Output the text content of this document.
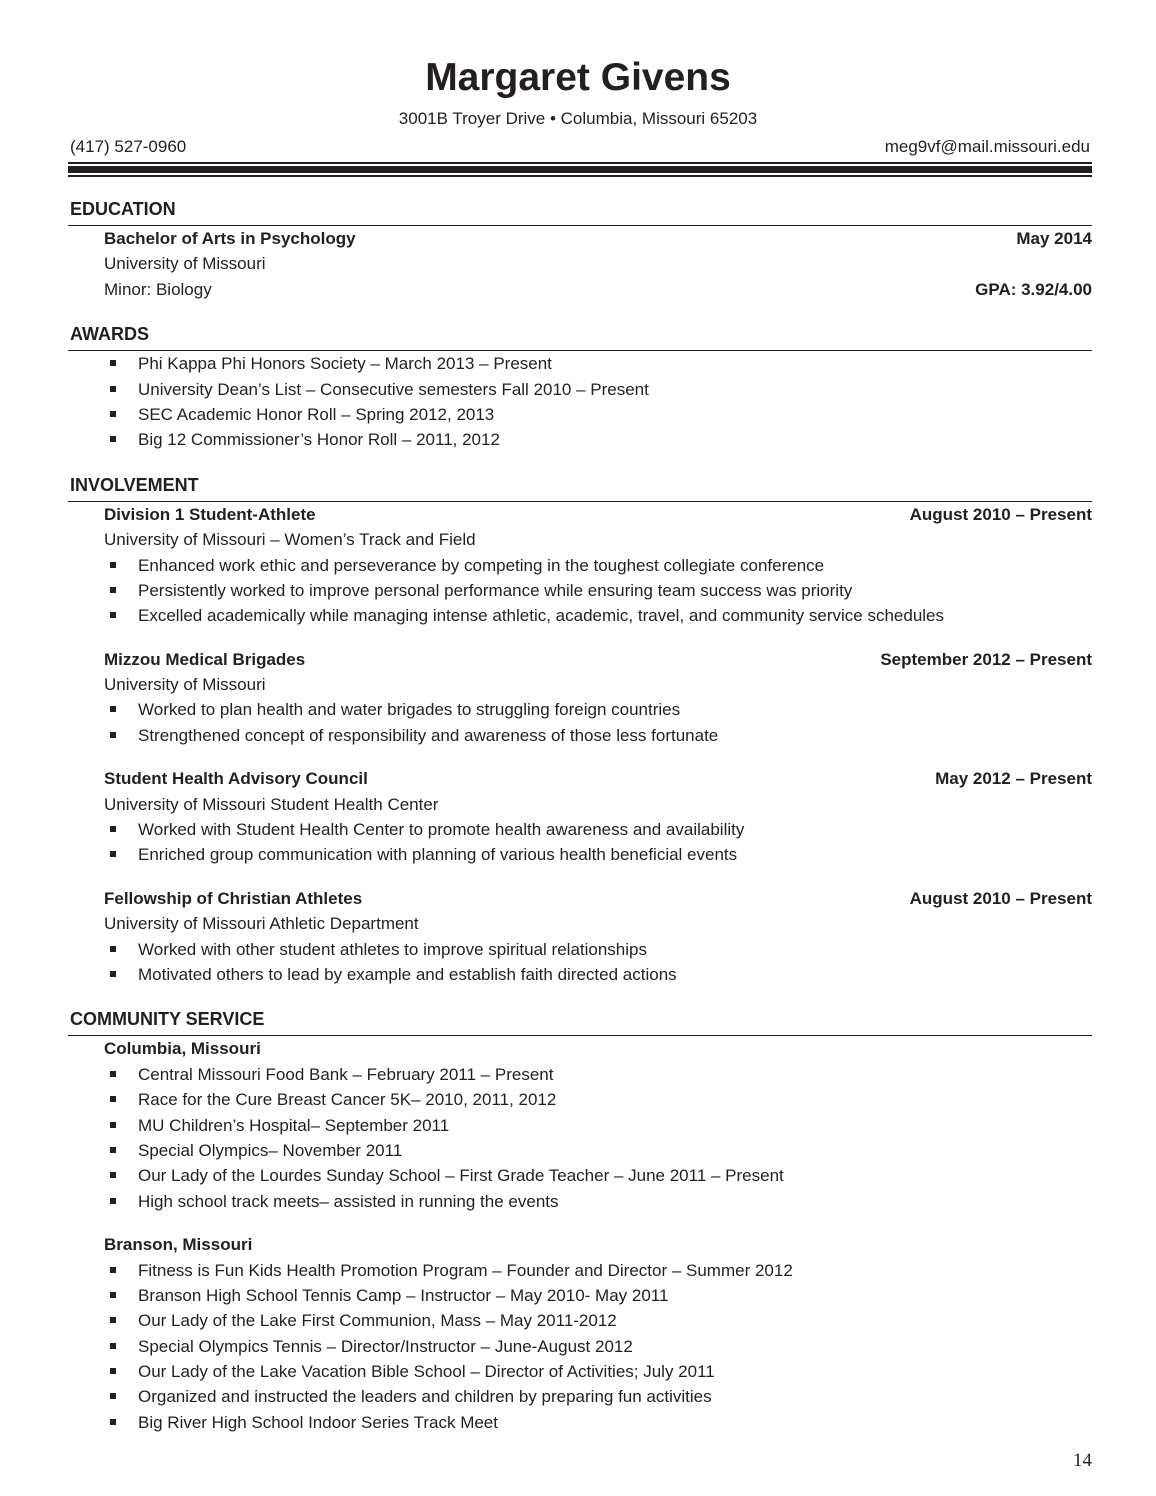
Margaret Givens
3001B Troyer Drive • Columbia, Missouri 65203
(417) 527-0960	meg9vf@mail.missouri.edu
EDUCATION
Bachelor of Arts in Psychology	May 2014
University of Missouri
Minor: Biology	GPA: 3.92/4.00
AWARDS
Phi Kappa Phi Honors Society – March 2013 – Present
University Dean’s List – Consecutive semesters Fall 2010 – Present
SEC Academic Honor Roll – Spring 2012, 2013
Big 12 Commissioner’s Honor Roll – 2011, 2012
INVOLVEMENT
Division 1 Student-Athlete	August 2010 – Present
University of Missouri – Women’s Track and Field
Enhanced work ethic and perseverance by competing in the toughest collegiate conference
Persistently worked to improve personal performance while ensuring team success was priority
Excelled academically while managing intense athletic, academic, travel, and community service schedules
Mizzou Medical Brigades	September 2012 – Present
University of Missouri
Worked to plan health and water brigades to struggling foreign countries
Strengthened concept of responsibility and awareness of those less fortunate
Student Health Advisory Council	May 2012 – Present
University of Missouri Student Health Center
Worked with Student Health Center to promote health awareness and availability
Enriched group communication with planning of various health beneficial events
Fellowship of Christian Athletes	August 2010 – Present
University of Missouri Athletic Department
Worked with other student athletes to improve spiritual relationships
Motivated others to lead by example and establish faith directed actions
COMMUNITY SERVICE
Columbia, Missouri
Central Missouri Food Bank – February 2011 – Present
Race for the Cure Breast Cancer 5K– 2010, 2011, 2012
MU Children’s Hospital– September 2011
Special Olympics– November 2011
Our Lady of the Lourdes Sunday School – First Grade Teacher – June 2011 – Present
High school track meets– assisted in running the events
Branson, Missouri
Fitness is Fun Kids Health Promotion Program – Founder and Director – Summer 2012
Branson High School Tennis Camp – Instructor – May 2010- May 2011
Our Lady of the Lake First Communion, Mass – May 2011-2012
Special Olympics Tennis – Director/Instructor – June-August 2012
Our Lady of the Lake Vacation Bible School – Director of Activities; July 2011
Organized and instructed the leaders and children by preparing fun activities
Big River High School Indoor Series Track Meet
14
